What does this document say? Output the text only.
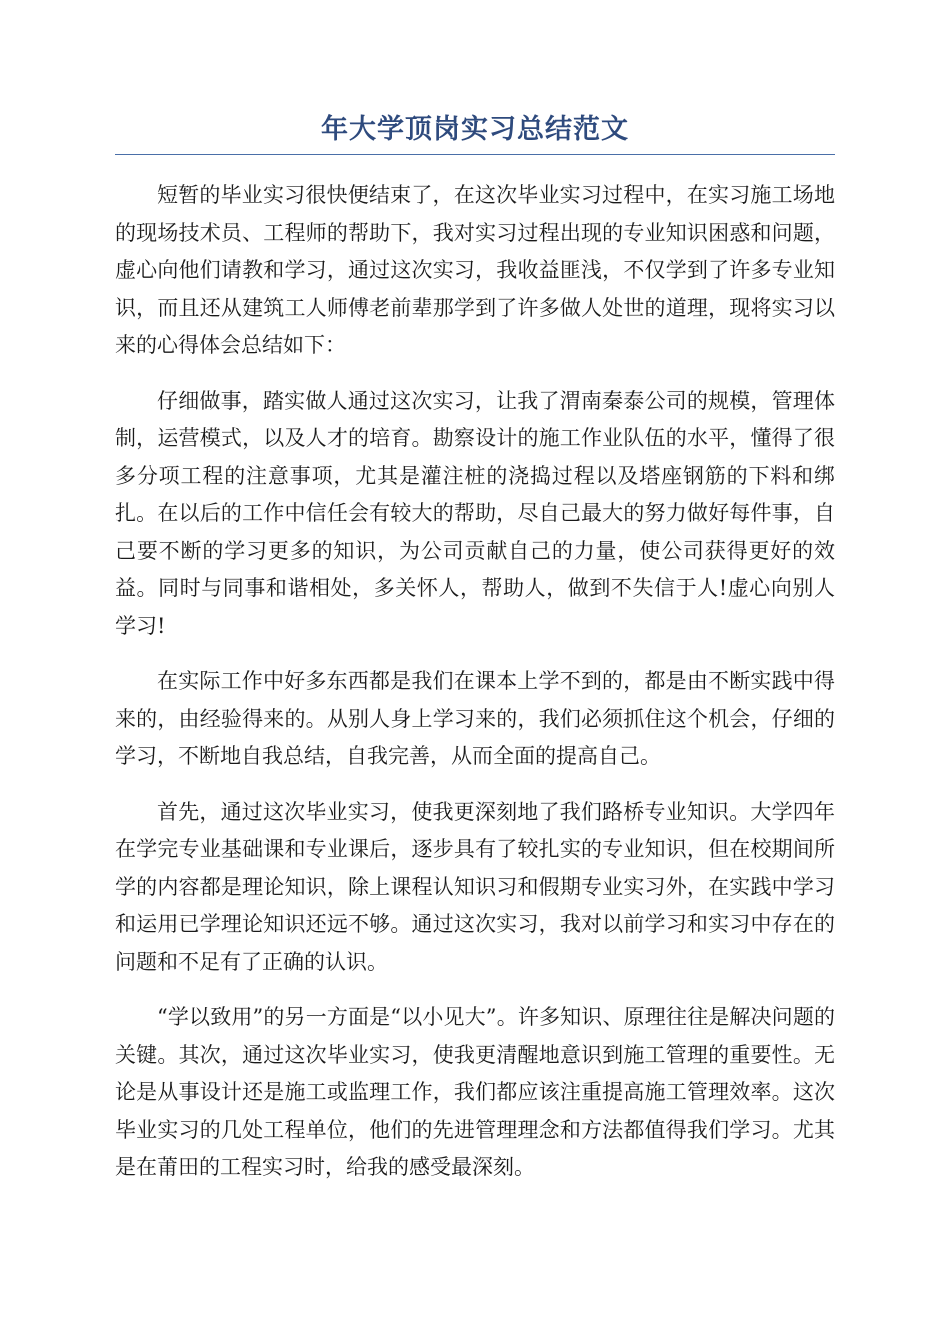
年大学顶岗实习总结范文

短暂的毕业实习很快便结束了，在这次毕业实习过程中，在实习施工场地的现场技术员、工程师的帮助下，我对实习过程出现的专业知识困惑和问题，虚心向他们请教和学习，通过这次实习，我收益匪浅，不仅学到了许多专业知识，而且还从建筑工人师傅老前辈那学到了许多做人处世的道理，现将实习以来的心得体会总结如下：

仔细做事，踏实做人通过这次实习，让我了渭南秦泰公司的规模，管理体制，运营模式，以及人才的培育。勘察设计的施工作业队伍的水平，懂得了很多分项工程的注意事项，尤其是灌注桩的浇捣过程以及塔座钢筋的下料和绑扎。在以后的工作中信任会有较大的帮助，尽自己最大的努力做好每件事，自己要不断的学习更多的知识，为公司贡献自己的力量，使公司获得更好的效益。同时与同事和谐相处，多关怀人，帮助人，做到不失信于人!虚心向别人学习!

在实际工作中好多东西都是我们在课本上学不到的，都是由不断实践中得来的，由经验得来的。从别人身上学习来的，我们必须抓住这个机会，仔细的学习，不断地自我总结，自我完善，从而全面的提高自己。

首先，通过这次毕业实习，使我更深刻地了我们路桥专业知识。大学四年在学完专业基础课和专业课后，逐步具有了较扎实的专业知识，但在校期间所学的内容都是理论知识，除上课程认知识习和假期专业实习外，在实践中学习和运用已学理论知识还远不够。通过这次实习，我对以前学习和实习中存在的问题和不足有了正确的认识。

“学以致用”的另一方面是“以小见大”。许多知识、原理往往是解决问题的关键。其次，通过这次毕业实习，使我更清醒地意识到施工管理的重要性。无论是从事设计还是施工或监理工作，我们都应该注重提高施工管理效率。这次毕业实习的几处工程单位，他们的先进管理理念和方法都值得我们学习。尤其是在莆田的工程实习时，给我的感受最深刻。
